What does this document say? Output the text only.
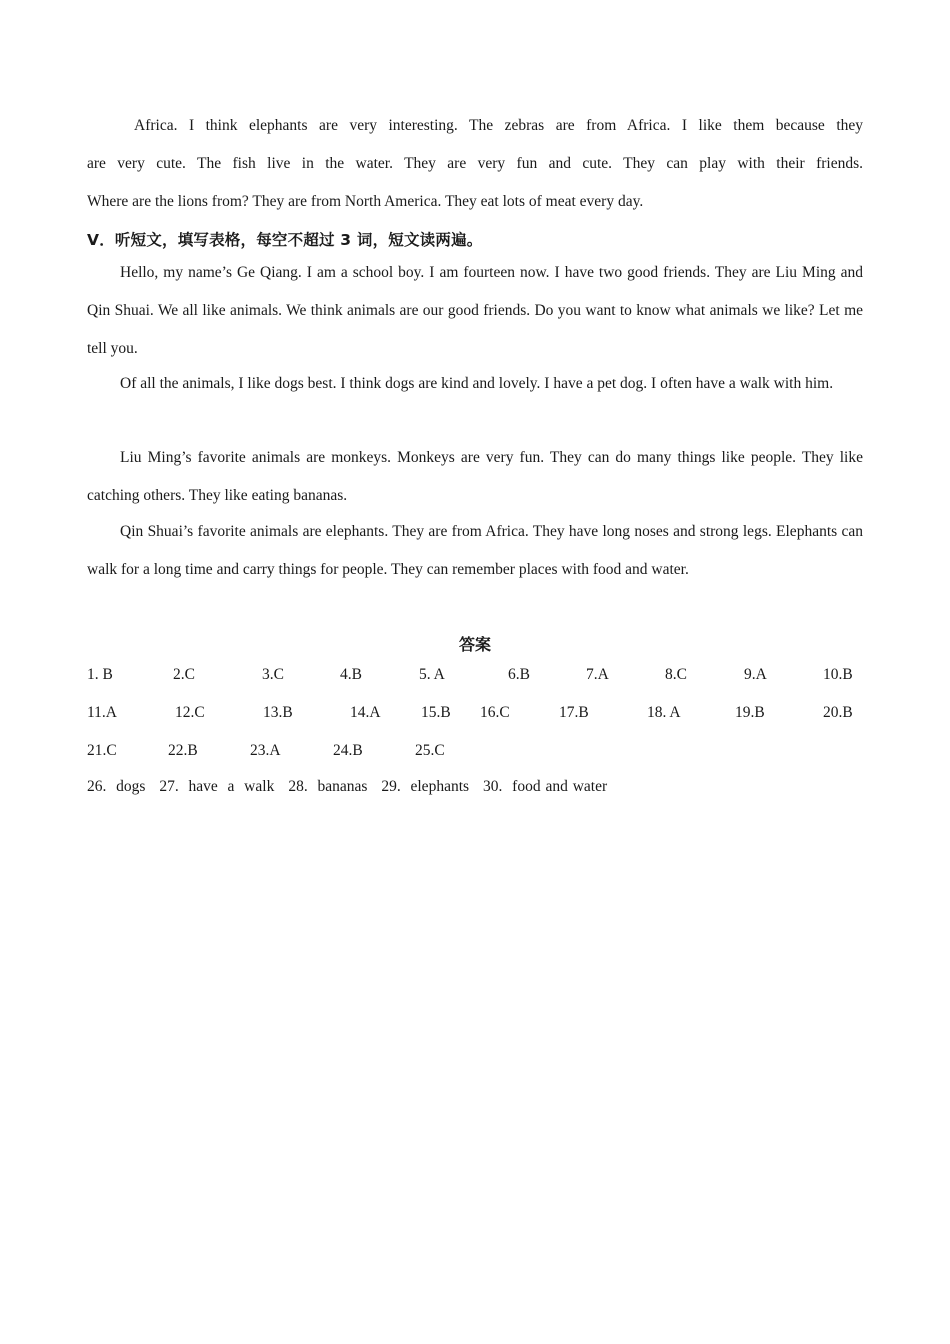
Africa. I think elephants are very interesting. The zebras are from Africa. I like them because they

are very cute. The fish live in the water. They are very fun and cute. They can play with their friends.

Where are the lions from? They are from North America. They eat lots of meat every day.

V．听短文，填写表格，每空不超过 3 词，短文读两遍。

Hello, my name’s Ge Qiang. I am a school boy. I am fourteen now. I have two good friends. They are Liu Ming and Qin Shuai. We all like animals. We think animals are our good friends. Do you want to know what animals we like? Let me tell you.

Of all the animals, I like dogs best. I think dogs are kind and lovely. I have a pet dog. I often have a walk with him.

Liu Ming’s favorite animals are monkeys. Monkeys are very fun. They can do many things like people. They like catching others. They like eating bananas.

Qin Shuai’s favorite animals are elephants. They are from Africa. They have long noses and strong legs. Elephants can walk for a long time and carry things for people. They can remember places with food and water.

答案

1. B	2.C	3.C	4.B	5. A	6.B	7.A	8.C	9.A	10.B
11.A	12.C	13.B	14.A	15.B 16.C	17.B	18. A	19.B	20.B
21.C	22.B	23.A	24.B	25.C
26.  dogs 27.  have  a  walk 28.  bananas 29.  elephants 30.  food and water
